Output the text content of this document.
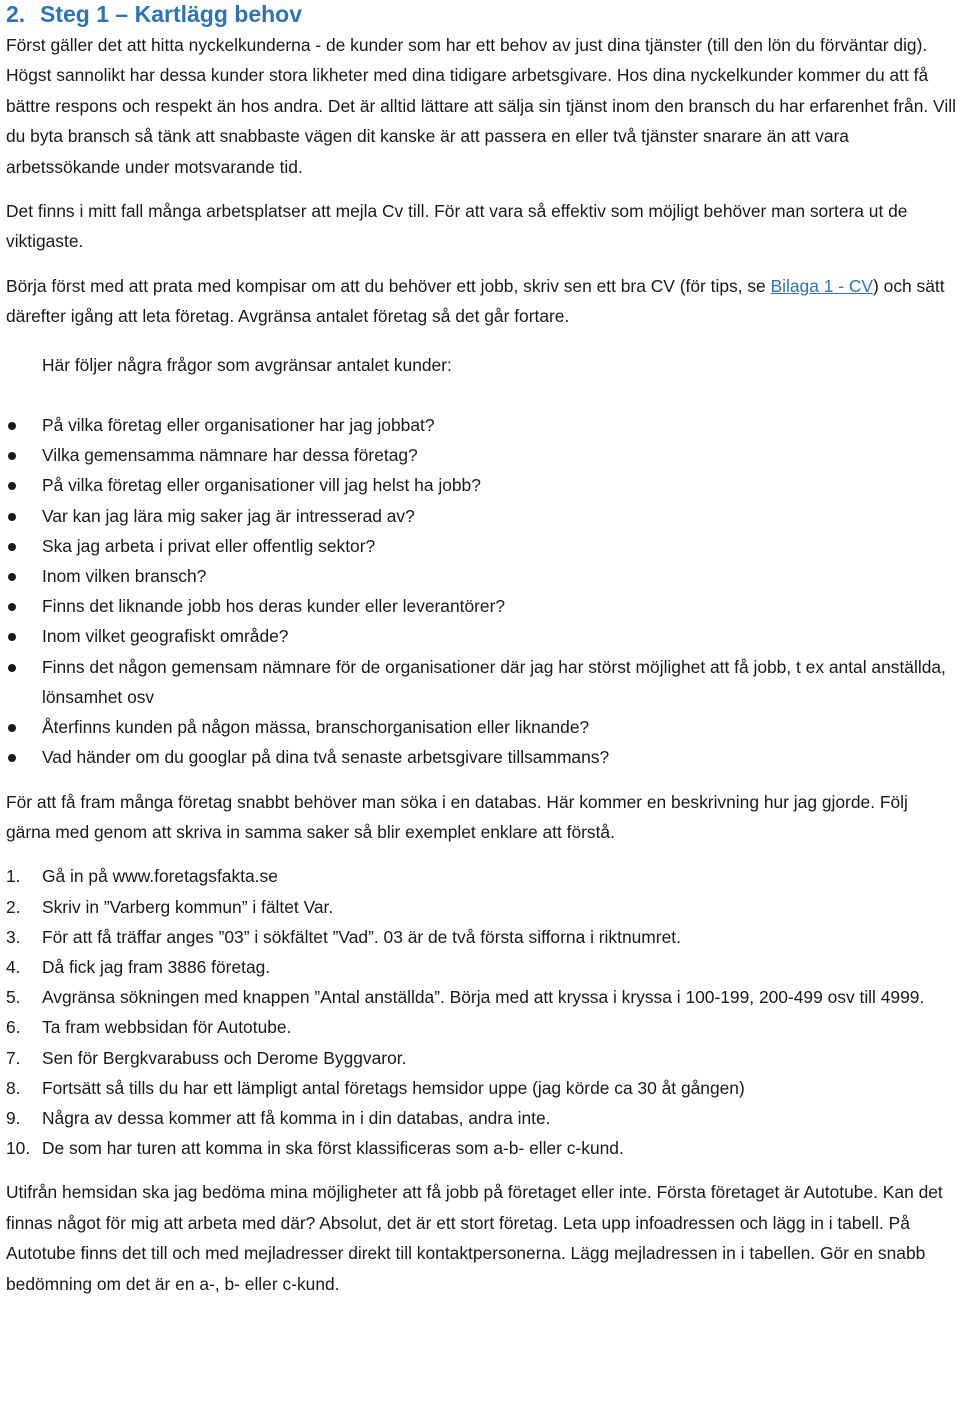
2. Steg 1 – Kartlägg behov

Först gäller det att hitta nyckelkunderna - de kunder som har ett behov av just dina tjänster (till den lön du förväntar dig). Högst sannolikt har dessa kunder stora likheter med dina tidigare arbetsgivare. Hos dina nyckelkunder kommer du att få bättre respons och respekt än hos andra. Det är alltid lättare att sälja sin tjänst inom den bransch du har erfarenhet från. Vill du byta bransch så tänk att snabbaste vägen dit kanske är att passera en eller två tjänster snarare än att vara arbetssökande under motsvarande tid.

Det finns i mitt fall många arbetsplatser att mejla Cv till. För att vara så effektiv som möjligt behöver man sortera ut de viktigaste.

Börja först med att prata med kompisar om att du behöver ett jobb, skriv sen ett bra CV (för tips, se Bilaga 1 - CV) och sätt därefter igång att leta företag. Avgränsa antalet företag så det går fortare.

Här följer några frågor som avgränsar antalet kunder:

På vilka företag eller organisationer har jag jobbat?
Vilka gemensamma nämnare har dessa företag?
På vilka företag eller organisationer vill jag helst ha jobb?
Var kan jag lära mig saker jag är intresserad av?
Ska jag arbeta i privat eller offentlig sektor?
Inom vilken bransch?
Finns det liknande jobb hos deras kunder eller leverantörer?
Inom vilket geografiskt område?
Finns det någon gemensam nämnare för de organisationer där jag har störst möjlighet att få jobb, t ex antal anställda, lönsamhet osv
Återfinns kunden på någon mässa, branschorganisation eller liknande?
Vad händer om du googlar på dina två senaste arbetsgivare tillsammans?

För att få fram många företag snabbt behöver man söka i en databas. Här kommer en beskrivning hur jag gjorde. Följ gärna med genom att skriva in samma saker så blir exemplet enklare att förstå.

1.	Gå in på www.foretagsfakta.se
2.	Skriv in ”Varberg kommun” i fältet Var.
3.	För att få träffar anges ”03” i sökfältet ”Vad”. 03 är de två första sifforna i riktnumret.
4.	Då fick jag fram 3886 företag.
5.	Avgränsa sökningen med knappen ”Antal anställda”. Börja med att kryssa i kryssa i 100-199, 200-499 osv till 4999.
6.	Ta fram webbsidan för Autotube.
7.	Sen för Bergkvarabuss och Derome Byggvaror.
8.	Fortsätt så tills du har ett lämpligt antal företags hemsidor uppe (jag körde ca 30 åt gången)
9.	Några av dessa kommer att få komma in i din databas, andra inte.
10. De som har turen att komma in ska först klassificeras som a-b- eller c-kund.

Utifrån hemsidan ska jag bedöma mina möjligheter att få jobb på företaget eller inte. Första företaget är Autotube. Kan det finnas något för mig att arbeta med där? Absolut, det är ett stort företag. Leta upp infoadressen och lägg in i tabell. På Autotube finns det till och med mejladresser direkt till kontaktpersonerna. Lägg mejladressen in i tabellen. Gör en snabb bedömning om det är en a-, b- eller c-kund.
